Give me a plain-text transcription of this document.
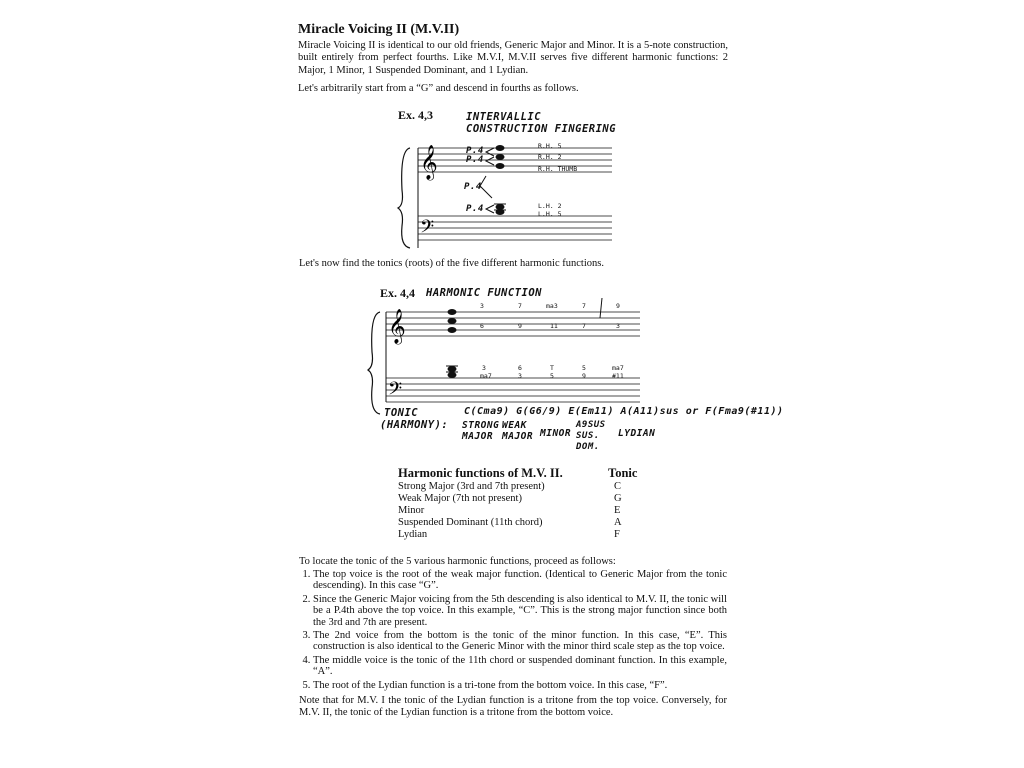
Miracle Voicing II (M.V.II)

Miracle Voicing II is identical to our old friends, Generic Major and Minor. It is a 5-note construction, built entirely from perfect fourths. Like M.V.I, M.V.II serves five different harmonic functions: 2 Major, 1 Minor, 1 Suspended Dominant, and 1 Lydian.

Let's arbitrarily start from a “G” and descend in fourths as follows.

Ex. 4,3	INTERVALLIC
CONSTRUCTION FINGERING
𝄞
𝄢
P.4
P.4
P.4
P.4
R.H. 5
R.H. 2
R.H. THUMB
L.H. 2
L.H. 5

Let's now find the tonics (roots) of the five different harmonic functions.

Ex. 4,4 HARMONIC FUNCTION
𝄞
𝄢
3
6
7
9
ma3
11
7
7
9
3
3
ma7
6
3
T
5
5
9
ma7
#11
TONIC
(HARMONY):
C(Cma9) G(G6/9) E(Em11) A(A11)sus or F(Fma9(#11))
STRONG MAJOR
WEAK MAJOR MINOR
A9SUS SUS. DOM.
LYDIAN
Harmonic functions of M.V. II.	Tonic
Strong Major (3rd and 7th present)	C
Weak Major (7th not present)	G
Minor	E
Suspended Dominant (11th chord)	A
Lydian	F

To locate the tonic of the 5 various harmonic functions, proceed as follows:

1. The top voice is the root of the weak major function. (Identical to Generic Major from the tonic descending). In this case “G”.
2. Since the Generic Major voicing from the 5th descending is also identical to M.V. II, the tonic will be a P.4th above the top voice. In this example, “C”. This is the strong major function since both the 3rd and 7th are present.
3. The 2nd voice from the bottom is the tonic of the minor function. In this case, “E”. This construction is also identical to the Generic Minor with the minor third scale step as the top voice.
4. The middle voice is the tonic of the 11th chord or suspended dominant function. In this example, “A”.
5. The root of the Lydian function is a tri-tone from the bottom voice. In this case, “F”.

Note that for M.V. I the tonic of the Lydian function is a tritone from the top voice. Conversely, for M.V. II, the tonic of the Lydian function is a tritone from the bottom voice.
